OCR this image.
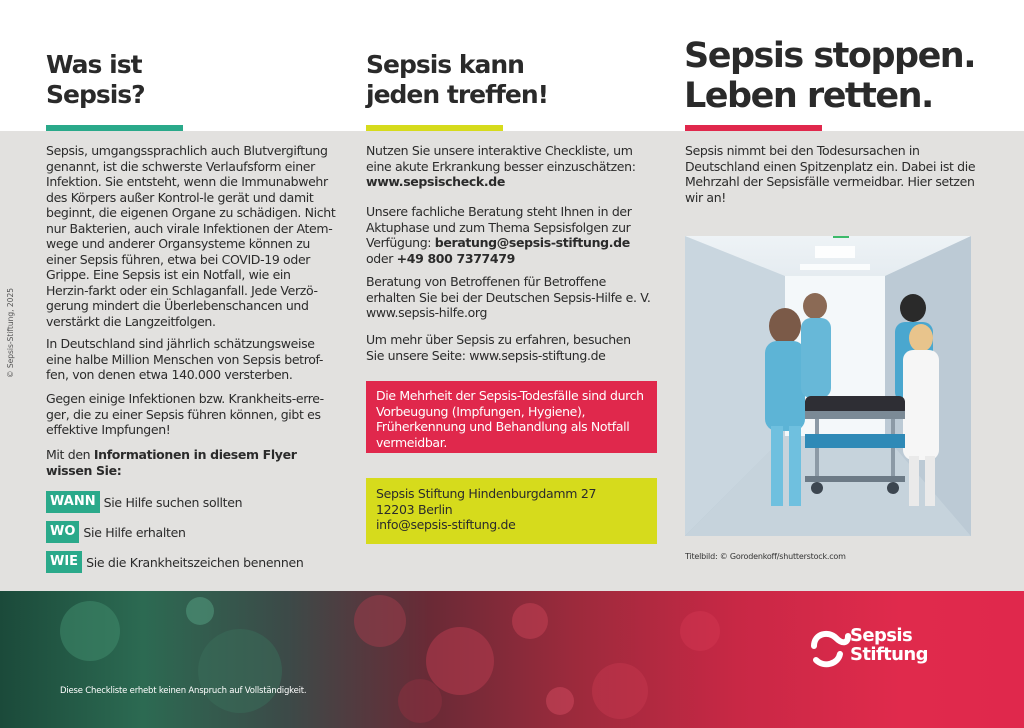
Was ist
Sepsis?
Sepsis, umgangssprachlich auch Blutvergiftung genannt, ist die schwerste Verlaufsform einer Infektion. Sie entsteht, wenn die Immunabwehr des Körpers außer Kontrol-le gerät und damit beginnt, die eigenen Organe zu schädigen. Nicht nur Bakterien, auch virale Infektionen der Atem-wege und anderer Organsysteme können zu einer Sepsis führen, etwa bei COVID-19 oder Grippe. Eine Sepsis ist ein Notfall, wie ein Herzin-farkt oder ein Schlaganfall. Jede Verzö-gerung mindert die Überlebenschancen und verstärkt die Langzeitfolgen.
In Deutschland sind jährlich schätzungsweise eine halbe Million Menschen von Sepsis betrof-fen, von denen etwa 140.000 versterben.
Gegen einige Infektionen bzw. Krankheits-erre-ger, die zu einer Sepsis führen können, gibt es effektive Impfungen!
Mit den Informationen in diesem Flyer wissen Sie:
WANN Sie Hilfe suchen sollten
WO Sie Hilfe erhalten
WIE Sie die Krankheitszeichen benennen
© Sepsis-Stiftung, 2025
Sepsis kann
jeden treffen!
Nutzen Sie unsere interaktive Checkliste, um eine akute Erkrankung besser einzuschätzen:
www.sepsischeck.de
Unsere fachliche Beratung steht Ihnen in der Aktuphase und zum Thema Sepsisfolgen zur Verfügung: beratung@sepsis-stiftung.de
oder +49 800 7377479
Beratung von Betroffenen für Betroffene erhalten Sie bei der Deutschen Sepsis-Hilfe e. V. www.sepsis-hilfe.org
Um mehr über Sepsis zu erfahren, besuchen Sie unsere Seite: www.sepsis-stiftung.de
Die Mehrheit der Sepsis-Todesfälle sind durch Vorbeugung (Impfungen, Hygiene), Früherkennung und Behandlung als Notfall vermeidbar.
Sepsis Stiftung Hindenburgdamm 27
12203 Berlin
info@sepsis-stiftung.de
Sepsis stoppen.
Leben retten.
Sepsis nimmt bei den Todesursachen in Deutschland einen Spitzenplatz ein. Dabei ist die Mehrzahl der Sepsisfälle vermeidbar. Hier setzen wir an!
Titelbild: © Gorodenkoff/shutterstock.com
Diese Checkliste erhebt keinen Anspruch auf Vollständigkeit.
Sepsis
Stiftung
